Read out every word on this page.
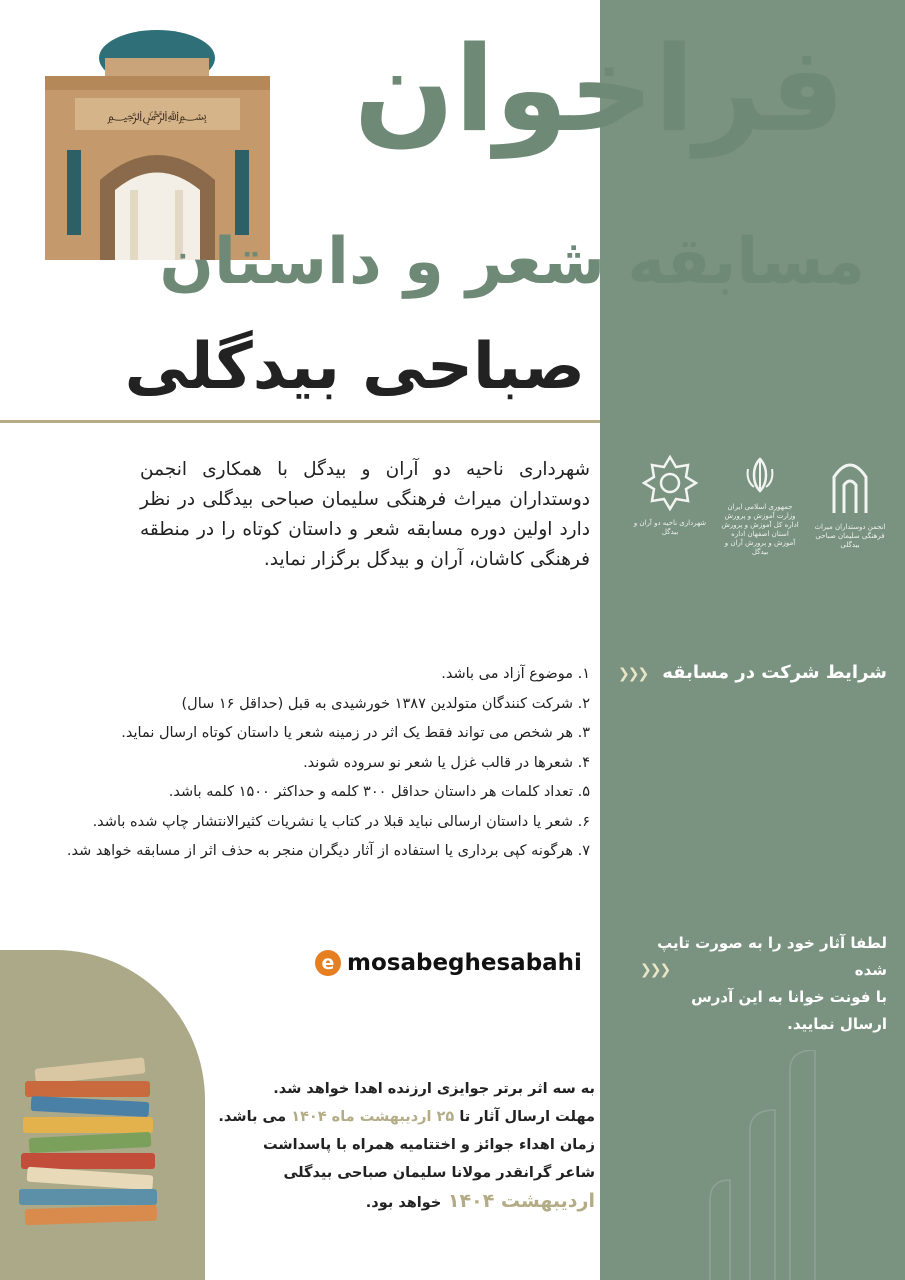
﷽	فراخوان
مسابقه شعر و داستان
صباحی بیدگلی
شهرداری ناحیه دو آران و بیدگل با همکاری انجمن دوستداران میراث فرهنگی سلیمان صباحی بیدگلی در نظر دارد اولین دوره مسابقه شعر و داستان کوتاه را در منطقه فرهنگی کاشان، آران و بیدگل برگزار نماید.
شهرداری ناحیه دو آران و بیدگل
جمهوری اسلامی ایران وزارت آموزش و پرورش اداره کل آموزش و پرورش استان اصفهان اداره آموزش و پرورش آران و بیدگل
انجمن دوستداران میراث فرهنگی سلیمان صباحی بیدگلی
شرایط شرکت در مسابقه
❯❯❯
۱. موضوع آزاد می باشد.
۲. شرکت کنندگان متولدین ۱۳۸۷ خورشیدی به قبل (حداقل ۱۶ سال)
۳. هر شخص می تواند فقط یک اثر در زمینه شعر یا داستان کوتاه ارسال نماید.
۴. شعرها در قالب غزل یا شعر نو سروده شوند.
۵. تعداد کلمات هر داستان حداقل ۳۰۰ کلمه و حداکثر ۱۵۰۰ کلمه باشد.
۶. شعر یا داستان ارسالی نباید قبلا در کتاب یا نشریات کثیرالانتشار چاپ شده باشد.
۷. هرگونه کپی برداری یا استفاده از آثار دیگران منجر به حذف اثر از مسابقه خواهد شد.
لطفا آثار خود را به صورت تایپ شده
با فونت خوانا به این آدرس
ارسال نمایید.
❯❯❯
e mosabeghesabahi
به سه اثر برتر جوایزی ارزنده اهدا خواهد شد.
مهلت ارسال آثار تا ۲۵ اردیبهشت ماه ۱۴۰۴ می باشد.
زمان اهداء جوائز و اختتامیه همراه با پاسداشت
شاعر گرانقدر مولانا سلیمان صباحی بیدگلی
اردیبهشت ۱۴۰۴ خواهد بود.
